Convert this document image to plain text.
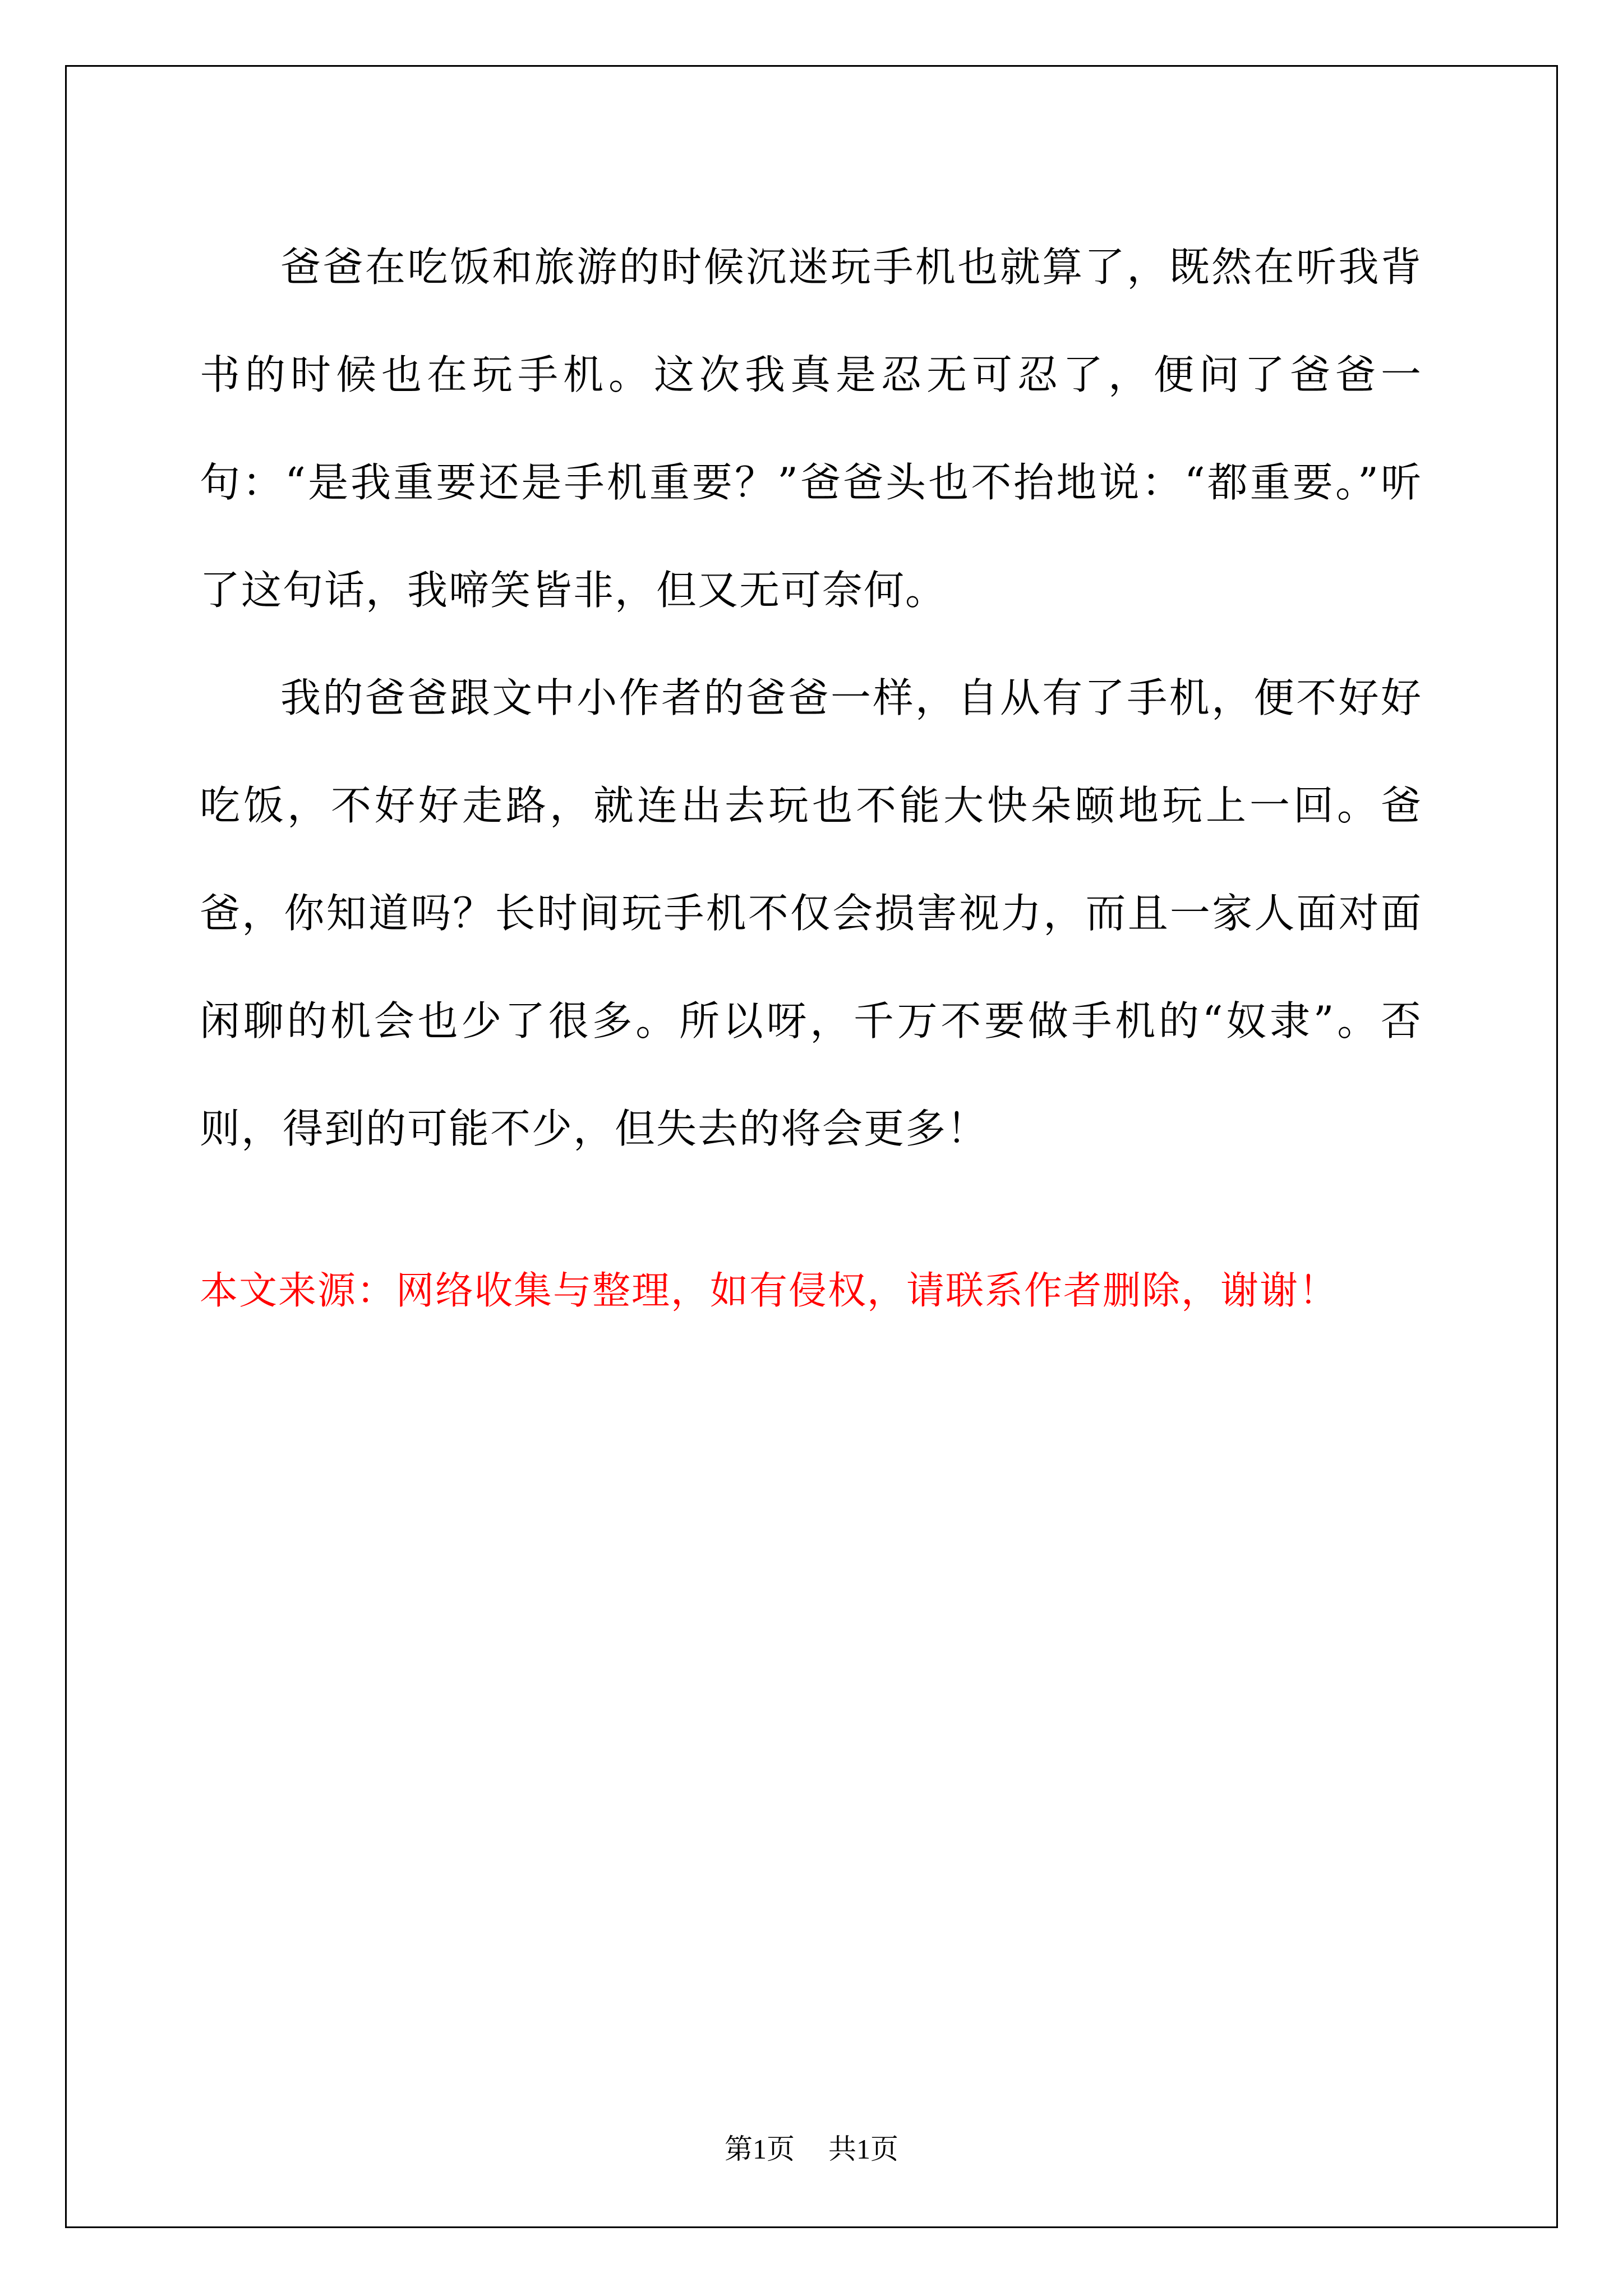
爸爸在吃饭和旅游的时候沉迷玩手机也就算了，既然在听我背书的时候也在玩手机。这次我真是忍无可忍了，便问了爸爸一句：“是我重要还是手机重要？”爸爸头也不抬地说：“都重要。”听了这句话，我啼笑皆非，但又无可奈何。

我的爸爸跟文中小作者的爸爸一样，自从有了手机，便不好好吃饭，不好好走路，就连出去玩也不能大快朵颐地玩上一回。爸爸，你知道吗？长时间玩手机不仅会损害视力，而且一家人面对面闲聊的机会也少了很多。所以呀，千万不要做手机的“奴隶”。否则，得到的可能不少，但失去的将会更多！

本文来源：网络收集与整理，如有侵权，请联系作者删除，谢谢！

第1页 共1页
